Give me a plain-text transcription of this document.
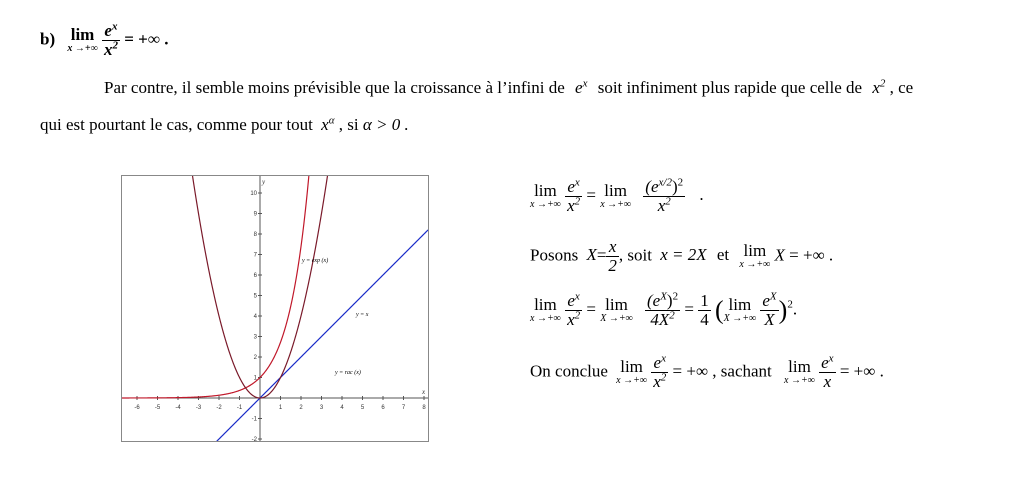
b) lim
x →+∞
$\frac{e^x}{x^2}$ = +∞ .
Par contre, il semble moins prévisible que la croissance à l’infini de $e^x$ soit infiniment plus rapide que celle de $x^2$ , ce
qui est pourtant le cas, comme pour tout $x^\alpha$ , si α > 0 .
-6	-5	-4	-3	-2	-1	1	2	3	4	5	6	7	8
-2
-1
1
2
3
4
5
6
7
8
9
10
x
y
y = exp (x)
y = x
y = rac (x)
lim
x →+∞
$\frac{e^x}{x^2} = \lim$
x →+∞
$\frac{(e^{x/2})^2}{x^2}$ .
Posons $X= \frac{x}{2}$ , soit x = 2X et lim
x →+∞
X = +∞ .
lim
x →+∞
$\frac{e^x}{x^2} = \lim$
X →+∞
$\frac{(e^X)^2}{4X^2} = \frac{1}{4}$ ( lim
X →+∞
$\frac{e^X}{X} )^2$.
On conclue lim
x →+∞
$\frac{e^x}{x^2}$ = +∞ , sachant lim
x →+∞
$\frac{e^x}{x}$ = +∞ .
